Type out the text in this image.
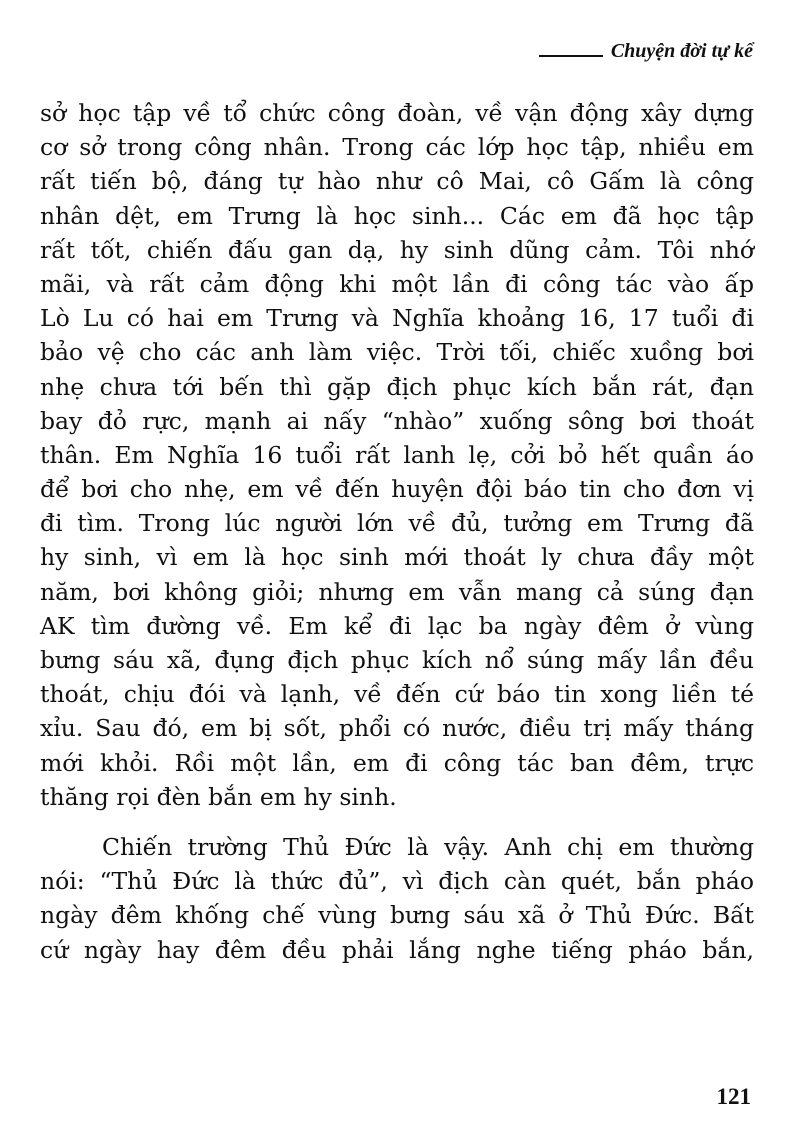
Chuyện đời tự kể
sở học tập về tổ chức công đoàn, về vận động xây dựng
cơ sở trong công nhân. Trong các lớp học tập, nhiều em
rất tiến bộ, đáng tự hào như cô Mai, cô Gấm là công
nhân dệt, em Trưng là học sinh... Các em đã học tập
rất tốt, chiến đấu gan dạ, hy sinh dũng cảm. Tôi nhớ
mãi, và rất cảm động khi một lần đi công tác vào ấp
Lò Lu có hai em Trưng và Nghĩa khoảng 16, 17 tuổi đi
bảo vệ cho các anh làm việc. Trời tối, chiếc xuồng bơi
nhẹ chưa tới bến thì gặp địch phục kích bắn rát, đạn
bay đỏ rực, mạnh ai nấy “nhào” xuống sông bơi thoát
thân. Em Nghĩa 16 tuổi rất lanh lẹ, cởi bỏ hết quần áo
để bơi cho nhẹ, em về đến huyện đội báo tin cho đơn vị
đi tìm. Trong lúc người lớn về đủ, tưởng em Trưng đã
hy sinh, vì em là học sinh mới thoát ly chưa đầy một
năm, bơi không giỏi; nhưng em vẫn mang cả súng đạn
AK tìm đường về. Em kể đi lạc ba ngày đêm ở vùng
bưng sáu xã, đụng địch phục kích nổ súng mấy lần đều
thoát, chịu đói và lạnh, về đến cứ báo tin xong liền té
xỉu. Sau đó, em bị sốt, phổi có nước, điều trị mấy tháng
mới khỏi. Rồi một lần, em đi công tác ban đêm, trực
thăng rọi đèn bắn em hy sinh.
Chiến trường Thủ Đức là vậy. Anh chị em thường
nói: “Thủ Đức là thức đủ”, vì địch càn quét, bắn pháo
ngày đêm khống chế vùng bưng sáu xã ở Thủ Đức. Bất
cứ ngày hay đêm đều phải lắng nghe tiếng pháo bắn,
121
